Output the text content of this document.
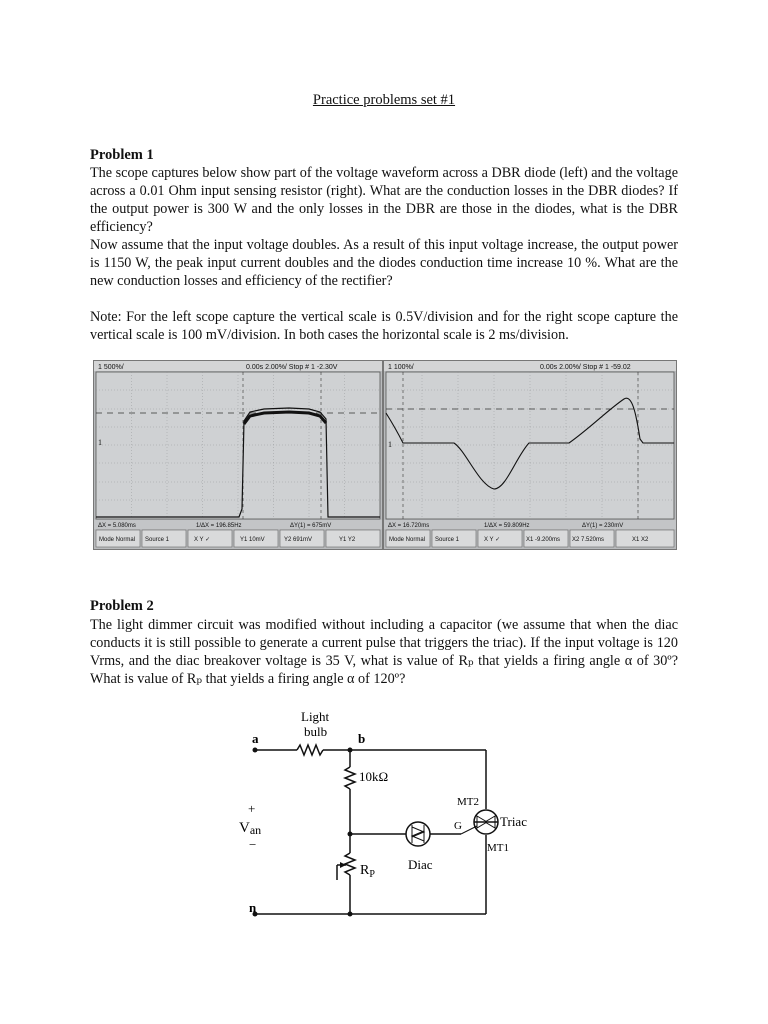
Practice problems set #1
Problem 1

The scope captures below show part of the voltage waveform across a DBR diode (left) and the voltage across a 0.01 Ohm input sensing resistor (right). What are the conduction losses in the DBR diodes? If the output power is 300 W and the only losses in the DBR are those in the diodes, what is the DBR efficiency?

Now assume that the input voltage doubles. As a result of this input voltage increase, the output power is 1150 W, the peak input current doubles and the diodes conduction time increase 10 %. What are the new conduction losses and efficiency of the rectifier?

Note: For the left scope capture the vertical scale is 0.5V/division and for the right scope capture the vertical scale is 100 mV/division. In both cases the horizontal scale is 2 ms/division.

1 500%/	0.00s 2.00%/ Stop # 1 -2.30V
1
ΔX = 5.080ms	1/ΔX = 196.85Hz	ΔY(1) = 675mV
Mode Normal Source 1	X Y ✓	Y1 10mV	Y2 691mV	Y1 Y2
1 100%/	0.00s 2.00%/ Stop # 1 -59.02
1
ΔX = 16.720ms	1/ΔX = 59.809Hz	ΔY(1) = 230mV
Mode Normal Source 1	X Y ✓	X1 -9.200ms X2 7.520ms	X1 X2
Problem 2

The light dimmer circuit was modified without including a capacitor (we assume that when the diac conducts it is still possible to generate a current pulse that triggers the triac). If the input voltage is 120 Vrms, and the diac breakover voltage is 35 V, what is value of Rₚ that yields a firing angle α of 30º? What is value of Rₚ that yields a firing angle α of 120º?

Light
bulb
a	b
n
10kΩ
+
Van
−
$R_P$
Diac
Triac
MT2
MT1
G
